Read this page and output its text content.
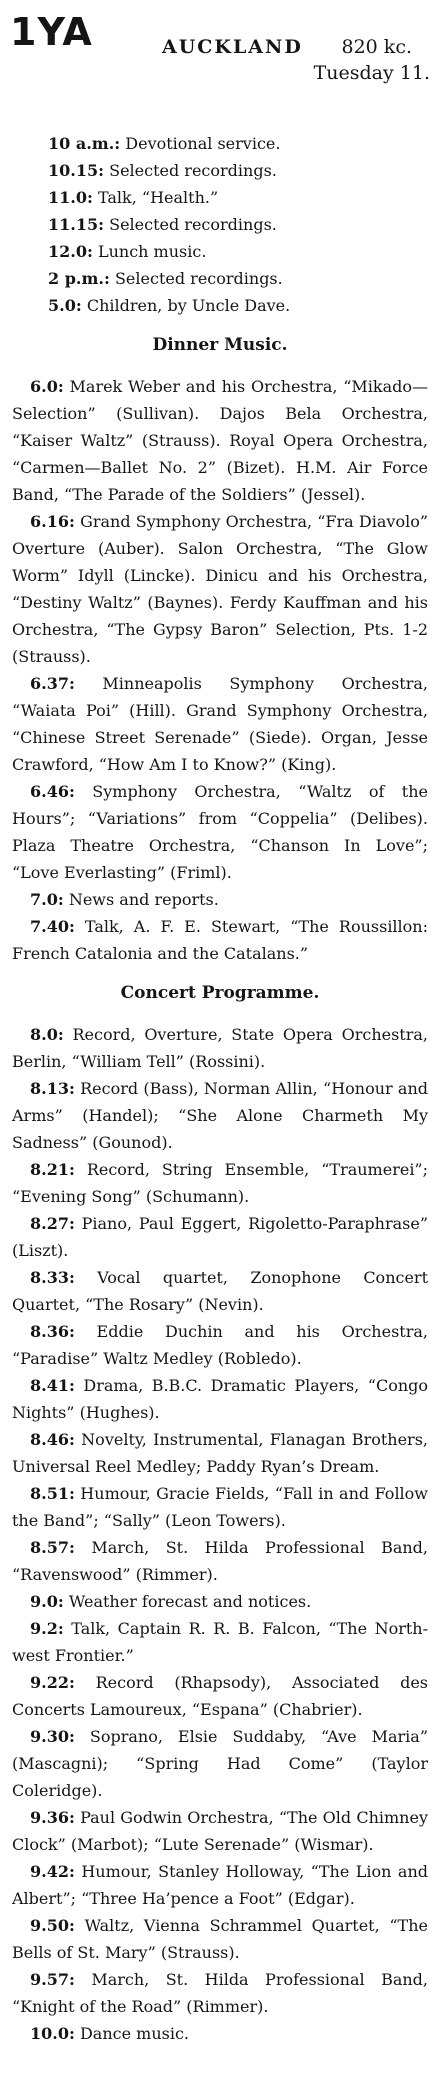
1YA	AUCKLAND 820 kc.
Tuesday 11.

10 a.m.: Devotional service.

10.15: Selected recordings.

11.0: Talk, “Health.”

11.15: Selected recordings.

12.0: Lunch music.

2 p.m.: Selected recordings.

5.0: Children, by Uncle Dave.

Dinner Music.

6.0: Marek Weber and his Orchestra, “Mikado—Selection” (Sullivan). Dajos Bela Orchestra, “Kaiser Waltz” (Strauss). Royal Opera Orchestra, “Carmen—Ballet No. 2” (Bizet). H.M. Air Force Band, “The Parade of the Soldiers” (Jessel).

6.16: Grand Symphony Orchestra, “Fra Diavolo” Overture (Auber). Salon Orchestra, “The Glow Worm” Idyll (Lincke). Dinicu and his Orchestra, “Destiny Waltz” (Baynes). Ferdy Kauffman and his Orchestra, “The Gypsy Baron” Selection, Pts. 1-2 (Strauss).

6.37: Minneapolis Symphony Orchestra, “Waiata Poi” (Hill). Grand Symphony Orchestra, “Chinese Street Serenade” (Siede). Organ, Jesse Crawford, “How Am I to Know?” (King).

6.46: Symphony Orchestra, “Waltz of the Hours”; “Variations” from “Coppelia” (Delibes). Plaza Theatre Orchestra, “Chanson In Love”; “Love Everlasting” (Friml).

7.0: News and reports.

7.40: Talk, A. F. E. Stewart, “The Roussillon: French Catalonia and the Catalans.”

Concert Programme.

8.0: Record, Overture, State Opera Orchestra, Berlin, “William Tell” (Rossini).

8.13: Record (Bass), Norman Allin, “Honour and Arms” (Handel); “She Alone Charmeth My Sadness” (Gounod).

8.21: Record, String Ensemble, “Traumerei”; “Evening Song” (Schumann).

8.27: Piano, Paul Eggert, Rigoletto-Paraphrase” (Liszt).

8.33: Vocal quartet, Zonophone Concert Quartet, “The Rosary” (Nevin).

8.36: Eddie Duchin and his Orchestra, “Paradise” Waltz Medley (Robledo).

8.41: Drama, B.B.C. Dramatic Players, “Congo Nights” (Hughes).

8.46: Novelty, Instrumental, Flanagan Brothers, Universal Reel Medley; Paddy Ryan’s Dream.

8.51: Humour, Gracie Fields, “Fall in and Follow the Band”; “Sally” (Leon Towers).

8.57: March, St. Hilda Professional Band, “Ravenswood” (Rimmer).

9.0: Weather forecast and notices.

9.2: Talk, Captain R. R. B. Falcon, “The North-west Frontier.”

9.22: Record (Rhapsody), Associated des Concerts Lamoureux, “Espana” (Chabrier).

9.30: Soprano, Elsie Suddaby, “Ave Maria” (Mascagni); “Spring Had Come” (Taylor Coleridge).

9.36: Paul Godwin Orchestra, “The Old Chimney Clock” (Marbot); “Lute Serenade” (Wismar).

9.42: Humour, Stanley Holloway, “The Lion and Albert”; “Three Ha’pence a Foot” (Edgar).

9.50: Waltz, Vienna Schrammel Quartet, “The Bells of St. Mary” (Strauss).

9.57: March, St. Hilda Professional Band, “Knight of the Road” (Rimmer).

10.0: Dance music.
